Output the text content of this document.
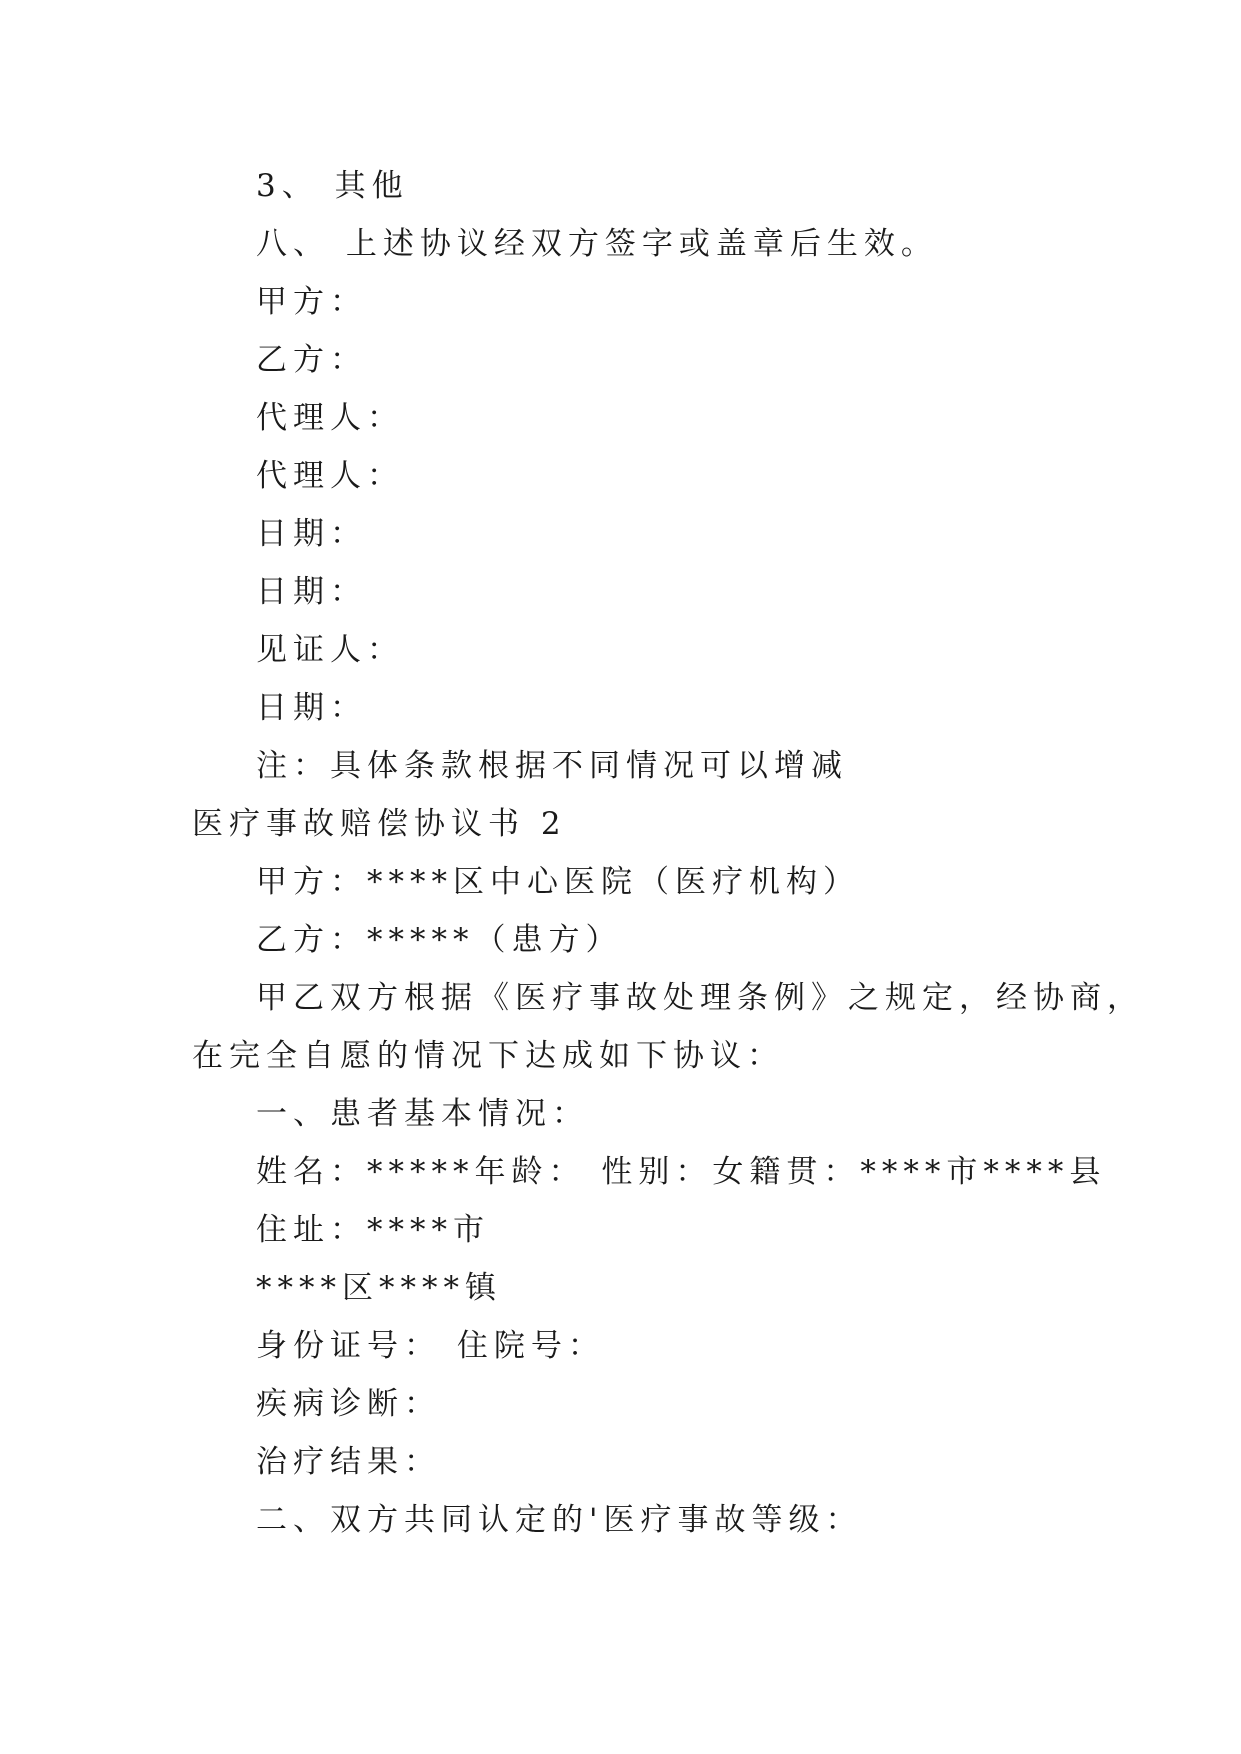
3、 其他
八、 上述协议经双方签字或盖章后生效。
甲方：
乙方：
代理人：
代理人：
日期：
日期：
见证人：
日期：
注：具体条款根据不同情况可以增减
医疗事故赔偿协议书 2
甲方：****区中心医院（医疗机构）
乙方：*****（患方）
甲乙双方根据《医疗事故处理条例》之规定，经协商，
在完全自愿的情况下达成如下协议：
一、患者基本情况：
姓名：*****年龄： 性别：女籍贯：****市****县
住址：****市
****区****镇
身份证号： 住院号：
疾病诊断：
治疗结果：
二、双方共同认定的'医疗事故等级：
